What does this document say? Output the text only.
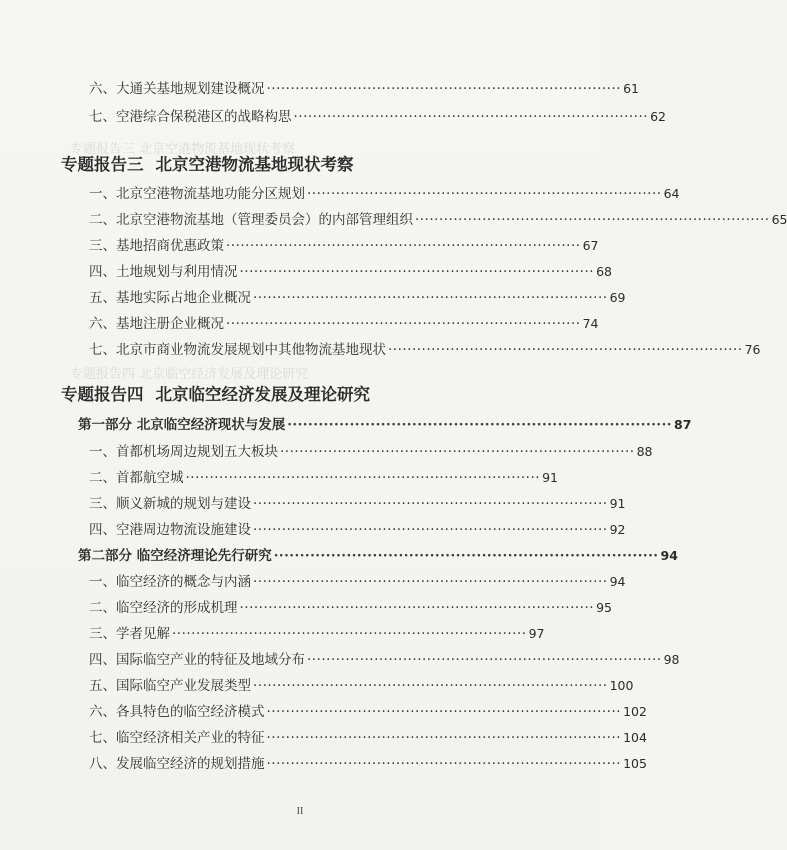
专题报告三 北京空港物流基地现状考察
专题报告四 北京临空经济发展及理论研究
六、大通关基地规划建设概况 ·········································································· 61
七、空港综合保税港区的战略构思 ·········································································· 62
专题报告三 北京空港物流基地现状考察
一、北京空港物流基地功能分区规划 ·········································································· 64
二、北京空港物流基地（管理委员会）的内部管理组织 ·········································································· 65
三、基地招商优惠政策 ·········································································· 67
四、土地规划与利用情况 ·········································································· 68
五、基地实际占地企业概况 ·········································································· 69
六、基地注册企业概况 ·········································································· 74
七、北京市商业物流发展规划中其他物流基地现状 ·········································································· 76
专题报告四 北京临空经济发展及理论研究
第一部分 北京临空经济现状与发展 ·········································································· 87
一、首都机场周边规划五大板块 ·········································································· 88
二、首都航空城 ·········································································· 91
三、顺义新城的规划与建设 ·········································································· 91
四、空港周边物流设施建设 ·········································································· 92
第二部分 临空经济理论先行研究 ·········································································· 94
一、临空经济的概念与内涵 ·········································································· 94
二、临空经济的形成机理 ·········································································· 95
三、学者见解 ·········································································· 97
四、国际临空产业的特征及地域分布 ·········································································· 98
五、国际临空产业发展类型 ·········································································· 100
六、各具特色的临空经济模式 ·········································································· 102
七、临空经济相关产业的特征 ·········································································· 104
八、发展临空经济的规划措施 ·········································································· 105
II
